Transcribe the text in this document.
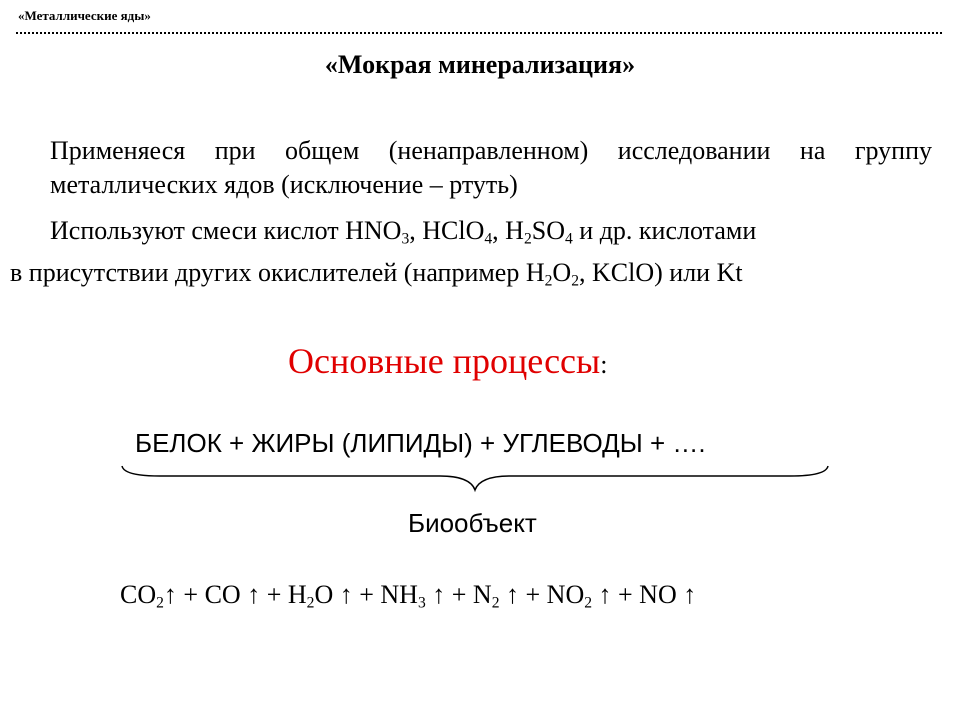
«Металлические яды»
«Мокрая минерализация»
Применяеся при общем (ненаправленном) исследовании на группу металлических ядов (исключение – ртуть)
Используют смеси кислот $HNO_3$, HClO$_4$, $H_2SO_4$ и др. кислотами
в присутствии других окислителей (например $H_2O_2$, KClO) или Kt
Основные процессы:
БЕЛОК + ЖИРЫ (ЛИПИДЫ) + УГЛЕВОДЫ + ….
Биообъект
$CO_2↑$ + CO ↑ + $H_2O$ ↑ + $NH_3$ ↑ + $N_2$ ↑ + $NO_2$ ↑ + NO ↑
